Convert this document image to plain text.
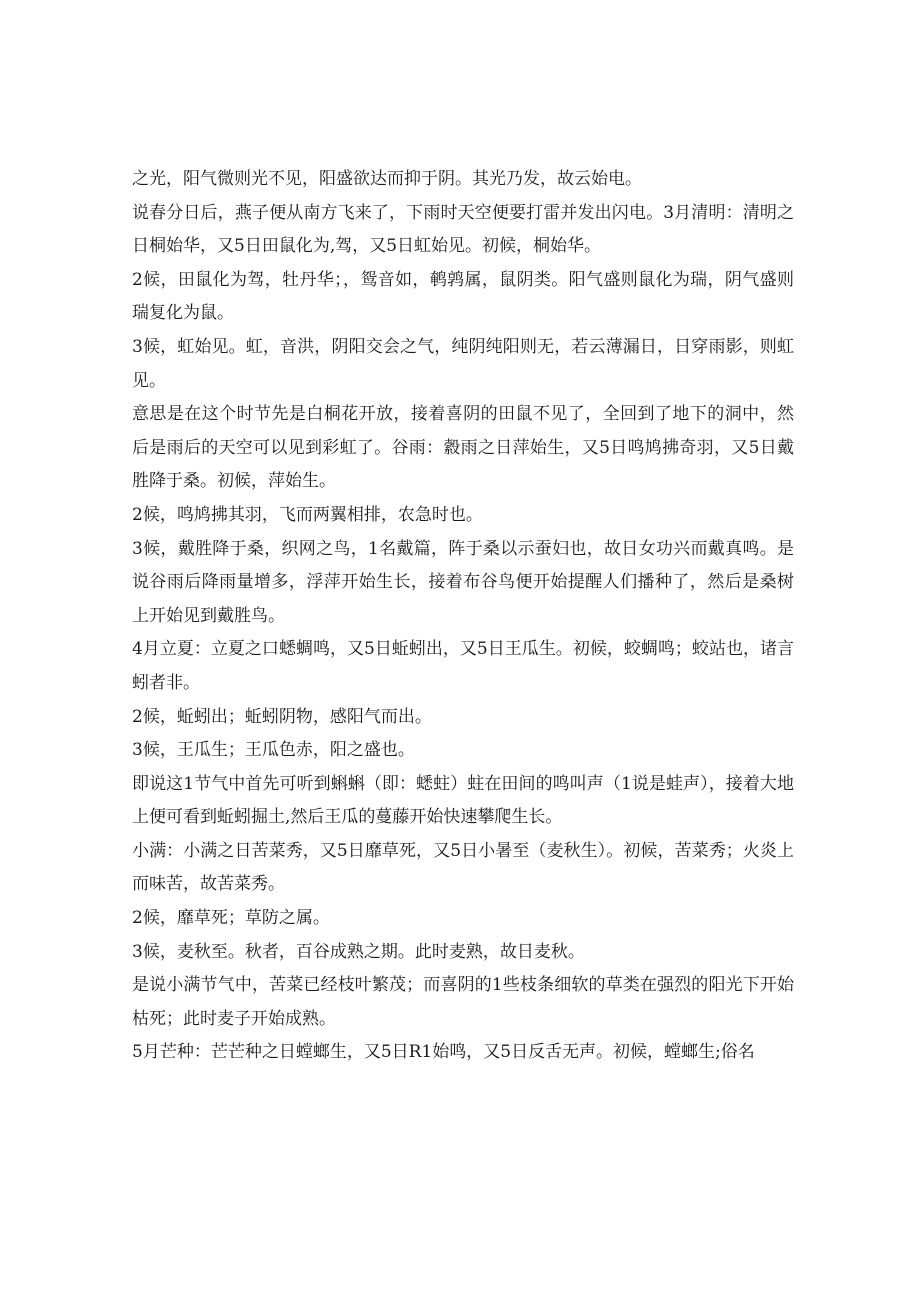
之光，阳气微则光不见，阳盛欲达而抑于阴。其光乃发，故云始电。

说春分日后，燕子便从南方飞来了，下雨时天空便要打雷并发出闪电。3月清明：清明之日桐始华，又5日田鼠化为,驾，又5日虹始见。初候，桐始华。

2候，田鼠化为驾，牡丹华；，鸳音如，鹌鹑属，鼠阴类。阳气盛则鼠化为瑞，阴气盛则瑞复化为鼠。

3候，虹始见。虹，音洪，阴阳交会之气，纯阴纯阳则无，若云薄漏日，日穿雨影，则虹见。

意思是在这个时节先是白桐花开放，接着喜阴的田鼠不见了，全回到了地下的洞中，然后是雨后的天空可以见到彩虹了。谷雨：縠雨之日萍始生，又5日鸣鸠拂奇羽，又5日戴胜降于桑。初候，萍始生。

2候，鸣鸠拂其羽，飞而两翼相排，农急时也。

3候，戴胜降于桑，织网之鸟，1名戴篇，阵于桑以示蚕妇也，故日女功兴而戴真鸣。是说谷雨后降雨量增多，浮萍开始生长，接着布谷鸟便开始提醒人们播种了，然后是桑树上开始见到戴胜鸟。

4月立夏：立夏之口蟋蜩鸣，又5日蚯蚓出，又5日王瓜生。初候，蛟蜩鸣；蛟站也，诸言蚓者非。

2候，蚯蚓出；蚯蚓阴物，感阳气而出。

3候，王瓜生；王瓜色赤，阳之盛也。

即说这1节气中首先可听到蝌蝌（即：蟋蛀）蛀在田间的鸣叫声（1说是蛙声），接着大地上便可看到蚯蚓掘土,然后王瓜的蔓藤开始快速攀爬生长。

小满：小满之日苦菜秀，又5日靡草死，又5日小暑至（麦秋生）。初候，苦菜秀；火炎上而味苦，故苦菜秀。

2候，靡草死；草防之属。

3候，麦秋至。秋者，百谷成熟之期。此时麦熟，故日麦秋。

是说小满节气中，苦菜已经枝叶繁茂；而喜阴的1些枝条细软的草类在强烈的阳光下开始枯死；此时麦子开始成熟。

5月芒种：芒芒种之日螳螂生，又5日R1始鸣，又5日反舌无声。初候，螳螂生;俗名
